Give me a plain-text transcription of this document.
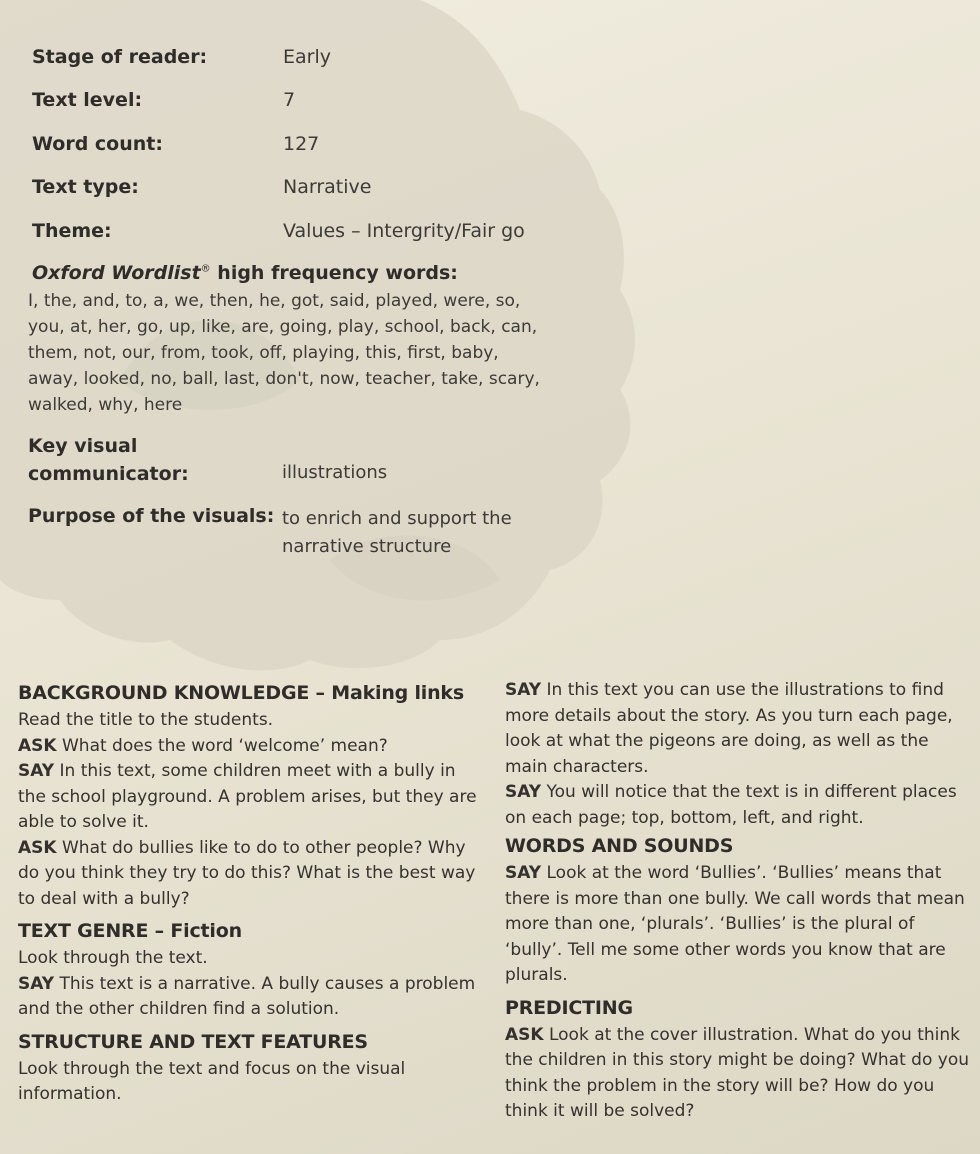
Stage of reader:	Early
Text level:	7
Word count:	127
Text type:	Narrative
Theme:	Values – Intergrity/Fair go
Oxford Wordlist® high frequency words:
I, the, and, to, a, we, then, he, got, said, played, were, so, you, at, her, go, up, like, are, going, play, school, back, can, them, not, our, from, took, off, playing, this, first, baby, away, looked, no, ball, last, don't, now, teacher, take, scary, walked, why, here
Key visual
communicator:	illustrations
Purpose of the visuals: to enrich and support the narrative structure

BACKGROUND KNOWLEDGE – Making links

Read the title to the students.

ASK What does the word ‘welcome’ mean?

SAY In this text, some children meet with a bully in the school playground. A problem arises, but they are able to solve it.

ASK What do bullies like to do to other people? Why do you think they try to do this? What is the best way to deal with a bully?

TEXT GENRE – Fiction

Look through the text.

SAY This text is a narrative. A bully causes a problem and the other children find a solution.

STRUCTURE AND TEXT FEATURES

Look through the text and focus on the visual information.

SAY In this text you can use the illustrations to find more details about the story. As you turn each page, look at what the pigeons are doing, as well as the main characters.

SAY You will notice that the text is in different places on each page; top, bottom, left, and right.

WORDS AND SOUNDS

SAY Look at the word ‘Bullies’. ‘Bullies’ means that there is more than one bully. We call words that mean more than one, ‘plurals’. ‘Bullies’ is the plural of ‘bully’. Tell me some other words you know that are plurals.

PREDICTING

ASK Look at the cover illustration. What do you think the children in this story might be doing? What do you think the problem in the story will be? How do you think it will be solved?
